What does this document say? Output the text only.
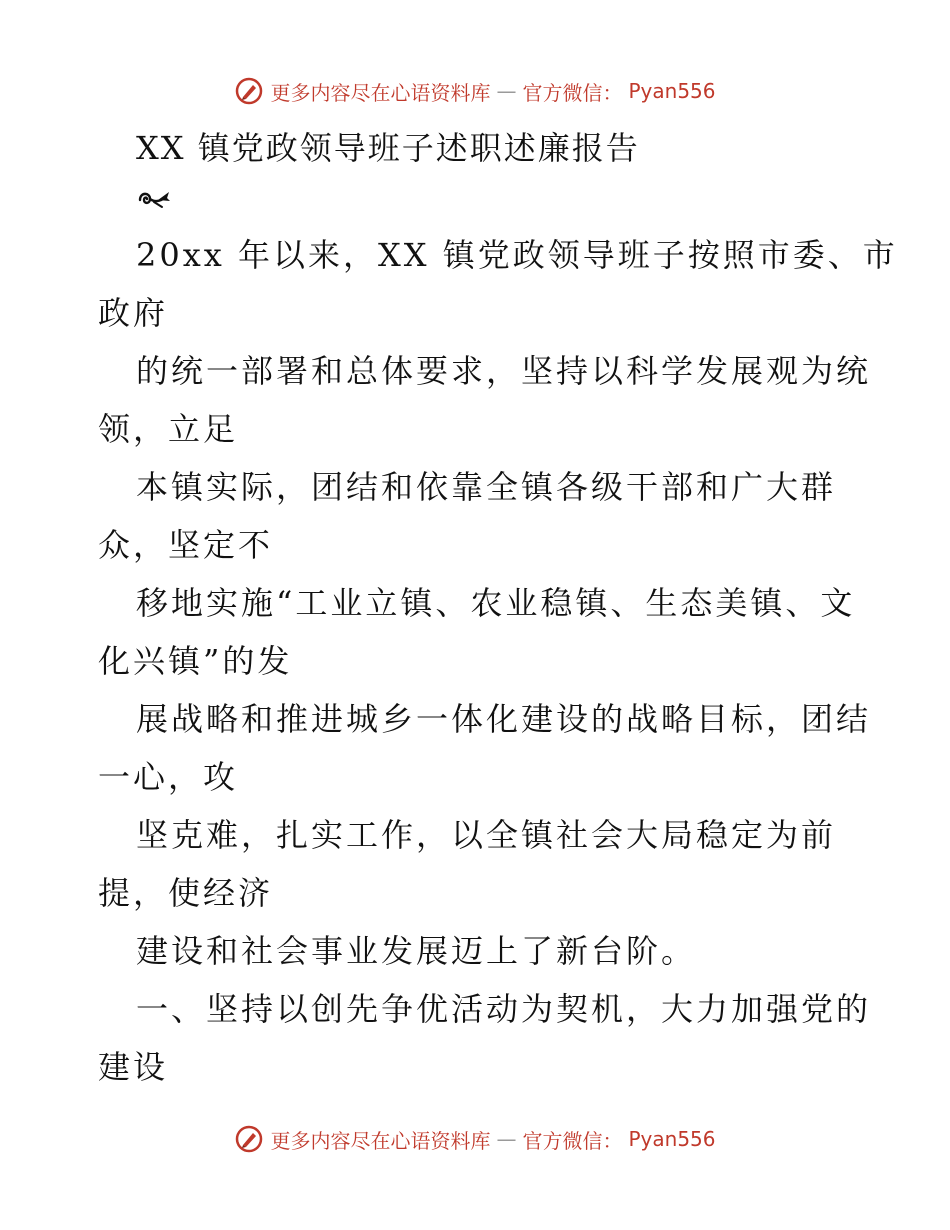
更多内容尽在心语资料库 — 官方微信： Pyan556
XX 镇党政领导班子述职述廉报告
20xx 年以来，XX 镇党政领导班子按照市委、市
政府
的统一部署和总体要求，坚持以科学发展观为统
领，立足
本镇实际，团结和依靠全镇各级干部和广大群
众，坚定不
移地实施“工业立镇、农业稳镇、生态美镇、文
化兴镇”的发
展战略和推进城乡一体化建设的战略目标，团结
一心，攻
坚克难，扎实工作，以全镇社会大局稳定为前
提，使经济
建设和社会事业发展迈上了新台阶。
一、坚持以创先争优活动为契机，大力加强党的
建设
更多内容尽在心语资料库 — 官方微信： Pyan556
